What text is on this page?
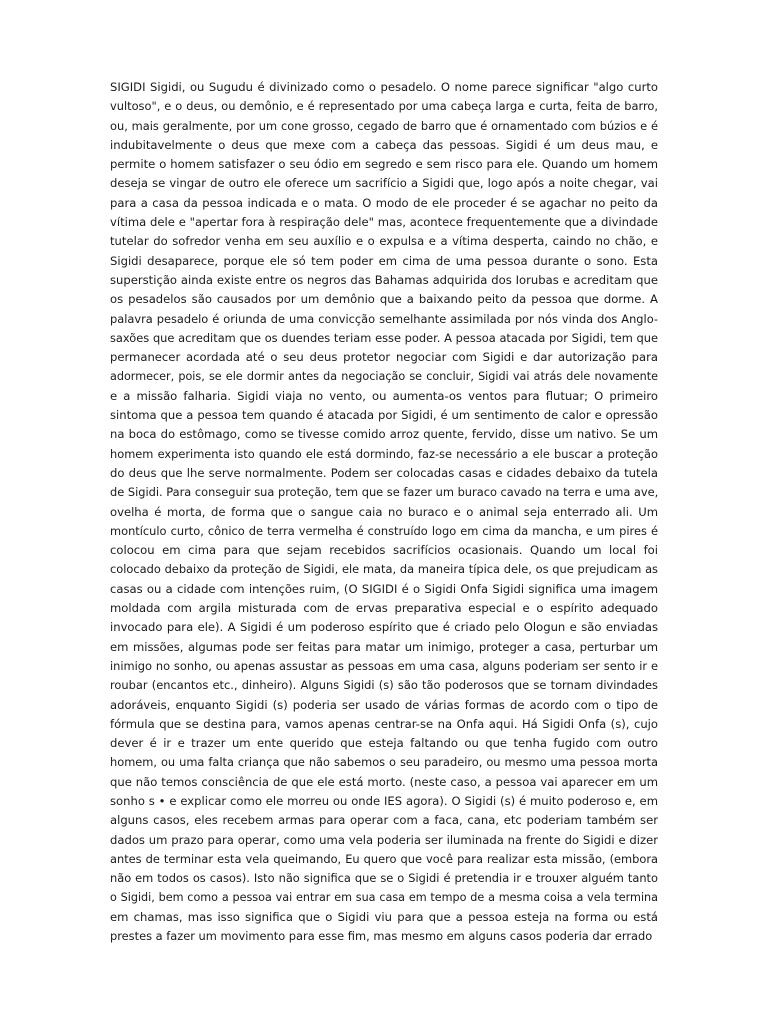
SIGIDI Sigidi, ou Sugudu é divinizado como o pesadelo. O nome parece significar "algo curto
vultoso", e o deus, ou demônio, e é representado por uma cabeça larga e curta, feita de barro,
ou, mais geralmente, por um cone grosso, cegado de barro que é ornamentado com búzios e é
indubitavelmente o deus que mexe com a cabeça das pessoas. Sigidi é um deus mau, e
permite o homem satisfazer o seu ódio em segredo e sem risco para ele. Quando um homem
deseja se vingar de outro ele oferece um sacrifício a Sigidi que, logo após a noite chegar, vai
para a casa da pessoa indicada e o mata. O modo de ele proceder é se agachar no peito da
vítima dele e "apertar fora à respiração dele" mas, acontece frequentemente que a divindade
tutelar do sofredor venha em seu auxílio e o expulsa e a vítima desperta, caindo no chão, e
Sigidi desaparece, porque ele só tem poder em cima de uma pessoa durante o sono. Esta
superstição ainda existe entre os negros das Bahamas adquirida dos Iorubas e acreditam que
os pesadelos são causados por um demônio que a baixando peito da pessoa que dorme. A
palavra pesadelo é oriunda de uma convicção semelhante assimilada por nós vinda dos Anglo-
saxões que acreditam que os duendes teriam esse poder. A pessoa atacada por Sigidi, tem que
permanecer acordada até o seu deus protetor negociar com Sigidi e dar autorização para
adormecer, pois, se ele dormir antes da negociação se concluir, Sigidi vai atrás dele novamente
e a missão falharia. Sigidi viaja no vento, ou aumenta-os ventos para flutuar; O primeiro
sintoma que a pessoa tem quando é atacada por Sigidi, é um sentimento de calor e opressão
na boca do estômago, como se tivesse comido arroz quente, fervido, disse um nativo. Se um
homem experimenta isto quando ele está dormindo, faz-se necessário a ele buscar a proteção
do deus que lhe serve normalmente. Podem ser colocadas casas e cidades debaixo da tutela
de Sigidi. Para conseguir sua proteção, tem que se fazer um buraco cavado na terra e uma ave,
ovelha é morta, de forma que o sangue caia no buraco e o animal seja enterrado ali. Um
montículo curto, cônico de terra vermelha é construído logo em cima da mancha, e um pires é
colocou em cima para que sejam recebidos sacrifícios ocasionais. Quando um local foi
colocado debaixo da proteção de Sigidi, ele mata, da maneira típica dele, os que prejudicam as
casas ou a cidade com intenções ruim, (O SIGIDI é o Sigidi Onfa Sigidi significa uma imagem
moldada com argila misturada com de ervas preparativa especial e o espírito adequado
invocado para ele). A Sigidi é um poderoso espírito que é criado pelo Ologun e são enviadas
em missões, algumas pode ser feitas para matar um inimigo, proteger a casa, perturbar um
inimigo no sonho, ou apenas assustar as pessoas em uma casa, alguns poderiam ser sento ir e
roubar (encantos etc., dinheiro). Alguns Sigidi (s) são tão poderosos que se tornam divindades
adoráveis, enquanto Sigidi (s) poderia ser usado de várias formas de acordo com o tipo de
fórmula que se destina para, vamos apenas centrar-se na Onfa aqui. Há Sigidi Onfa (s), cujo
dever é ir e trazer um ente querido que esteja faltando ou que tenha fugido com outro
homem, ou uma falta criança que não sabemos o seu paradeiro, ou mesmo uma pessoa morta
que não temos consciência de que ele está morto. (neste caso, a pessoa vai aparecer em um
sonho s • e explicar como ele morreu ou onde IES agora). O Sigidi (s) é muito poderoso e, em
alguns casos, eles recebem armas para operar com a faca, cana, etc poderiam também ser
dados um prazo para operar, como uma vela poderia ser iluminada na frente do Sigidi e dizer
antes de terminar esta vela queimando, Eu quero que você para realizar esta missão, (embora
não em todos os casos). Isto não significa que se o Sigidi é pretendia ir e trouxer alguém tanto
o Sigidi, bem como a pessoa vai entrar em sua casa em tempo de a mesma coisa a vela termina
em chamas, mas isso significa que o Sigidi viu para que a pessoa esteja na forma ou está
prestes a fazer um movimento para esse fim, mas mesmo em alguns casos poderia dar errado
